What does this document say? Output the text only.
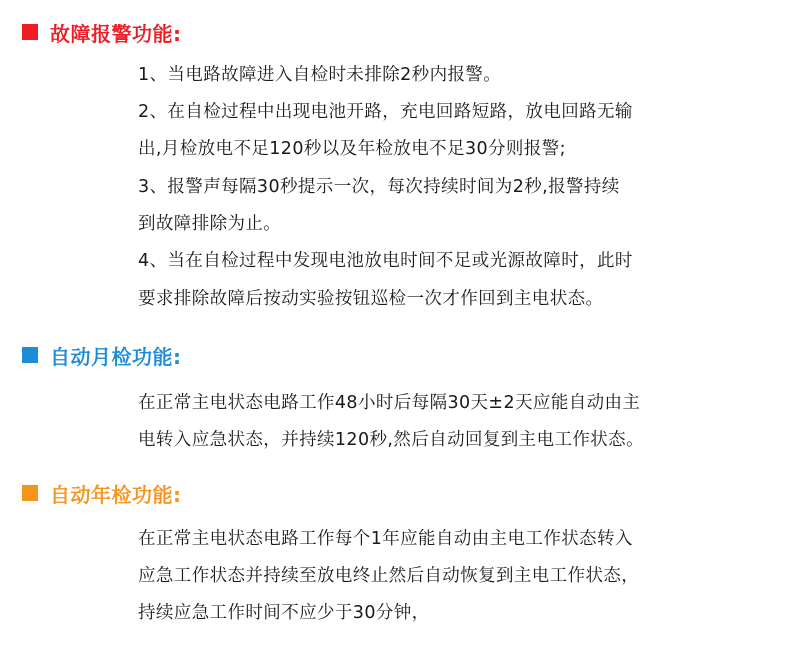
故障报警功能:
1、当电路故障进入自检时未排除2秒内报警。
2、在自检过程中出现电池开路，充电回路短路，放电回路无输
出,月检放电不足120秒以及年检放电不足30分则报警;
3、报警声每隔30秒提示一次，每次持续时间为2秒,报警持续
到故障排除为止。
4、当在自检过程中发现电池放电时间不足或光源故障时，此时
要求排除故障后按动实验按钮巡检一次才作回到主电状态。
自动月检功能:
在正常主电状态电路工作48小时后每隔30天±2天应能自动由主
电转入应急状态，并持续120秒,然后自动回复到主电工作状态。
自动年检功能:
在正常主电状态电路工作每个1年应能自动由主电工作状态转入
应急工作状态并持续至放电终止然后自动恢复到主电工作状态，
持续应急工作时间不应少于30分钟，
